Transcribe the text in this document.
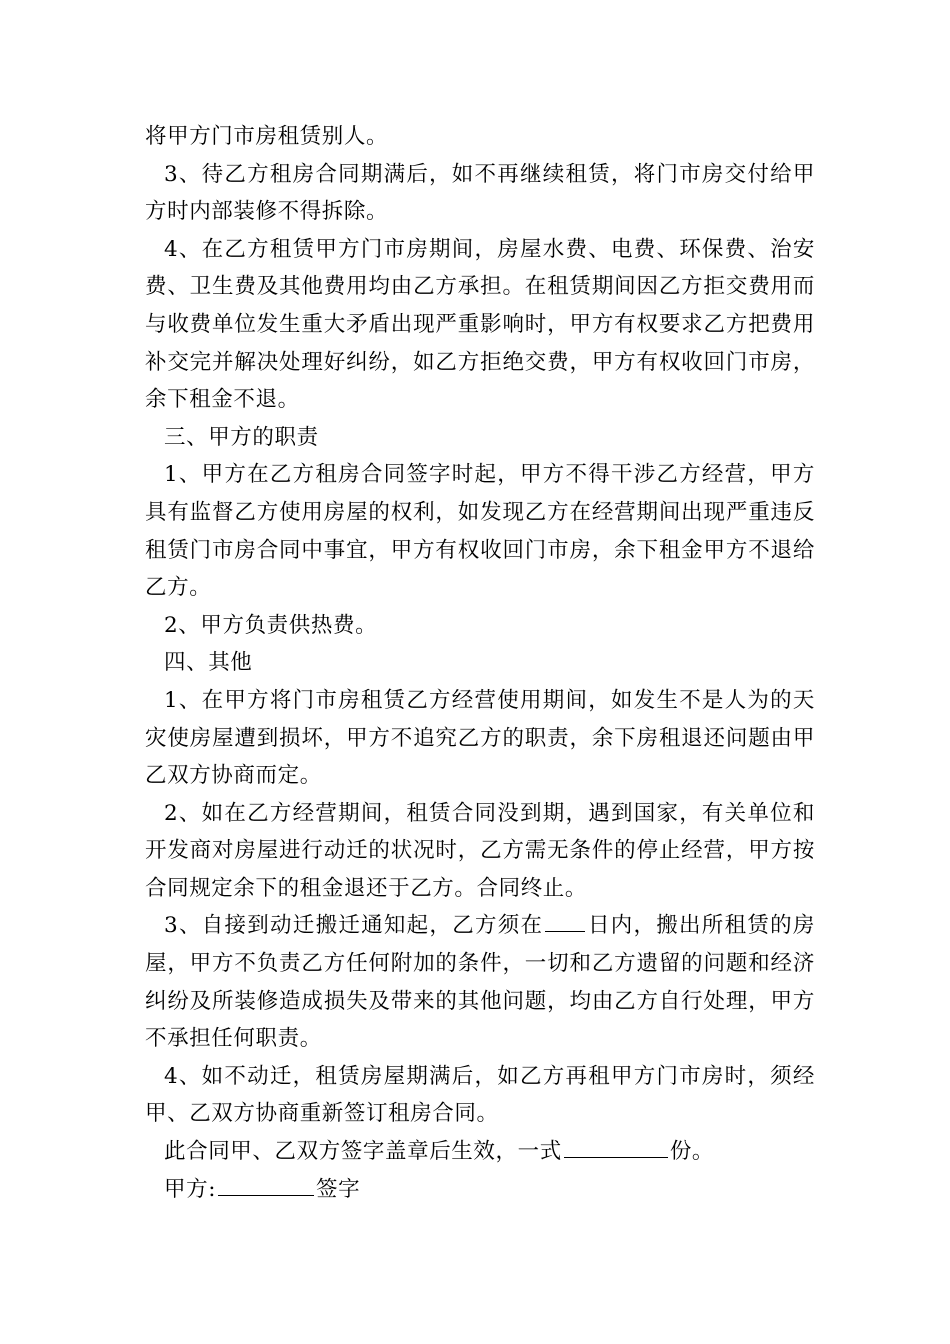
将甲方门市房租赁别人。

3、待乙方租房合同期满后，如不再继续租赁，将门市房交付给甲方时内部装修不得拆除。

4、在乙方租赁甲方门市房期间，房屋水费、电费、环保费、治安费、卫生费及其他费用均由乙方承担。在租赁期间因乙方拒交费用而与收费单位发生重大矛盾出现严重影响时，甲方有权要求乙方把费用补交完并解决处理好纠纷，如乙方拒绝交费，甲方有权收回门市房，余下租金不退。

三、甲方的职责

1、甲方在乙方租房合同签字时起，甲方不得干涉乙方经营，甲方具有监督乙方使用房屋的权利，如发现乙方在经营期间出现严重违反租赁门市房合同中事宜，甲方有权收回门市房，余下租金甲方不退给乙方。

2、甲方负责供热费。

四、其他

1、在甲方将门市房租赁乙方经营使用期间，如发生不是人为的天灾使房屋遭到损坏，甲方不追究乙方的职责，余下房租退还问题由甲乙双方协商而定。

2、如在乙方经营期间，租赁合同没到期，遇到国家，有关单位和开发商对房屋进行动迁的状况时，乙方需无条件的停止经营，甲方按合同规定余下的租金退还于乙方。合同终止。

3、自接到动迁搬迁通知起，乙方须在 日内，搬出所租赁的房屋，甲方不负责乙方任何附加的条件，一切和乙方遗留的问题和经济纠纷及所装修造成损失及带来的其他问题，均由乙方自行处理，甲方不承担任何职责。

4、如不动迁，租赁房屋期满后，如乙方再租甲方门市房时，须经甲、乙双方协商重新签订租房合同。

此合同甲、乙双方签字盖章后生效，一式	份。

甲方:	签字
